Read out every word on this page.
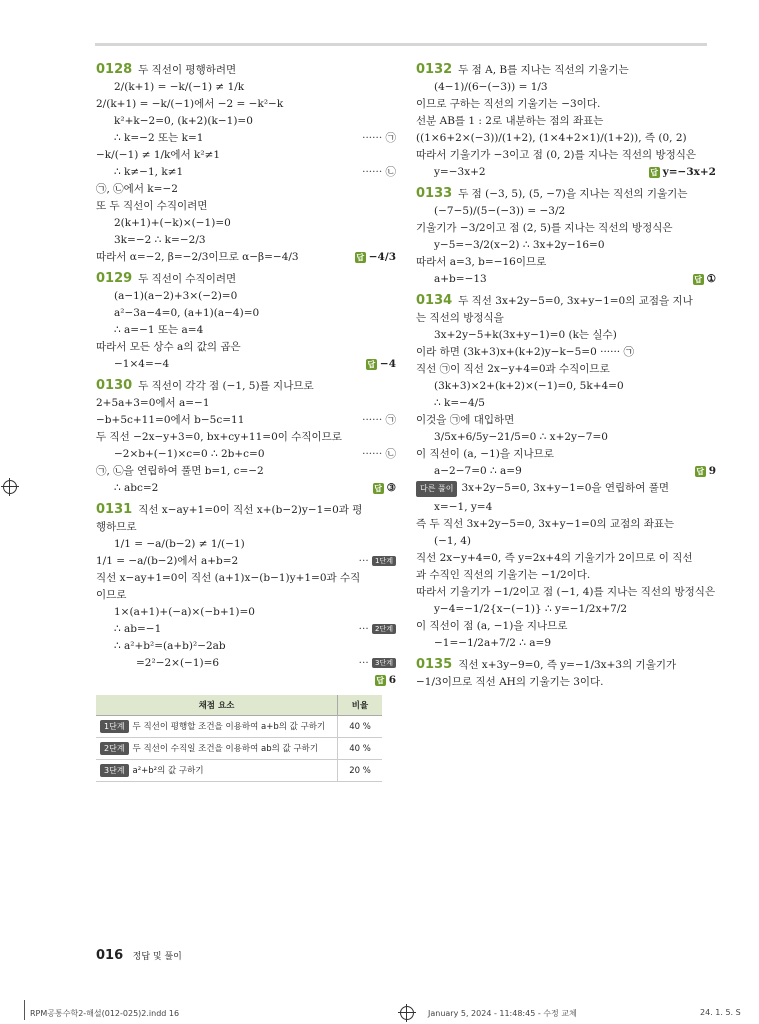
0128 두 직선이 평행하려면
2/(k+1) = −k/(−1) ≠ 1/k
2/(k+1) = −k/(−1)에서 −2 = −k²−k
k²+k−2=0, (k+2)(k−1)=0
∴ k=−2 또는 k=1	······ ㉠
−k/(−1) ≠ 1/k에서 k²≠1
∴ k≠−1, k≠1	······ ㉡
㉠, ㉡에서 k=−2
또 두 직선이 수직이려면
2(k+1)+(−k)×(−1)=0
3k=−2 ∴ k=−2/3
따라서 α=−2, β=−2/3이므로 α−β=−4/3	답 −4/3
0129 두 직선이 수직이려면
(a−1)(a−2)+3×(−2)=0
a²−3a−4=0, (a+1)(a−4)=0
∴ a=−1 또는 a=4
따라서 모든 상수 a의 값의 곱은
−1×4=−4	답 −4
0130 두 직선이 각각 점 (−1, 5)를 지나므로
2+5a+3=0에서 a=−1
−b+5c+11=0에서 b−5c=11	······ ㉠
두 직선 −2x−y+3=0, bx+cy+11=0이 수직이므로
−2×b+(−1)×c=0 ∴ 2b+c=0	······ ㉡
㉠, ㉡을 연립하여 풀면 b=1, c=−2
∴ abc=2	답 ③
0131 직선 x−ay+1=0이 직선 x+(b−2)y−1=0과 평
행하므로
1/1 = −a/(b−2) ≠ 1/(−1)
1/1 = −a/(b−2)에서 a+b=2	··· 1단계
직선 x−ay+1=0이 직선 (a+1)x−(b−1)y+1=0과 수직
이므로
1×(a+1)+(−a)×(−b+1)=0
∴ ab=−1	··· 2단계
∴ a²+b²=(a+b)²−2ab
=2²−2×(−1)=6	··· 3단계
답 6

채점 요소	비율
1단계 두 직선이 평행할 조건을 이용하여 a+b의 값 구하기	40 %
2단계 두 직선이 수직일 조건을 이용하여 ab의 값 구하기	40 %
3단계 a²+b²의 값 구하기	20 %
0132 두 점 A, B를 지나는 직선의 기울기는
(4−1)/(6−(−3)) = 1/3
이므로 구하는 직선의 기울기는 −3이다.
선분 AB를 1 : 2로 내분하는 점의 좌표는
((1×6+2×(−3))/(1+2), (1×4+2×1)/(1+2)), 즉 (0, 2)
따라서 기울기가 −3이고 점 (0, 2)를 지나는 직선의 방정식은
y=−3x+2	답 y=−3x+2
0133 두 점 (−3, 5), (5, −7)을 지나는 직선의 기울기는
(−7−5)/(5−(−3)) = −3/2
기울기가 −3/2이고 점 (2, 5)를 지나는 직선의 방정식은
y−5=−3/2(x−2) ∴ 3x+2y−16=0
따라서 a=3, b=−16이므로
a+b=−13	답 ①
0134 두 직선 3x+2y−5=0, 3x+y−1=0의 교점을 지나
는 직선의 방정식을
3x+2y−5+k(3x+y−1)=0 (k는 실수)
이라 하면 (3k+3)x+(k+2)y−k−5=0 ······ ㉠
직선 ㉠이 직선 2x−y+4=0과 수직이므로
(3k+3)×2+(k+2)×(−1)=0, 5k+4=0
∴ k=−4/5
이것을 ㉠에 대입하면
3/5x+6/5y−21/5=0 ∴ x+2y−7=0
이 직선이 (a, −1)을 지나므로
a−2−7=0 ∴ a=9	답 9
다른 풀이 3x+2y−5=0, 3x+y−1=0을 연립하여 풀면
x=−1, y=4
즉 두 직선 3x+2y−5=0, 3x+y−1=0의 교점의 좌표는
(−1, 4)
직선 2x−y+4=0, 즉 y=2x+4의 기울기가 2이므로 이 직선
과 수직인 직선의 기울기는 −1/2이다.
따라서 기울기가 −1/2이고 점 (−1, 4)를 지나는 직선의 방정식은
y−4=−1/2{x−(−1)} ∴ y=−1/2x+7/2
이 직선이 점 (a, −1)을 지나므로
−1=−1/2a+7/2 ∴ a=9
0135 직선 x+3y−9=0, 즉 y=−1/3x+3의 기울기가
−1/3이므로 직선 AH의 기울기는 3이다.
016 정답 및 풀이
RPM공통수학2-해설(012-025)2.indd 16	January 5, 2024 - 11:48:45 - 수정 교체	24. 1. 5. S
